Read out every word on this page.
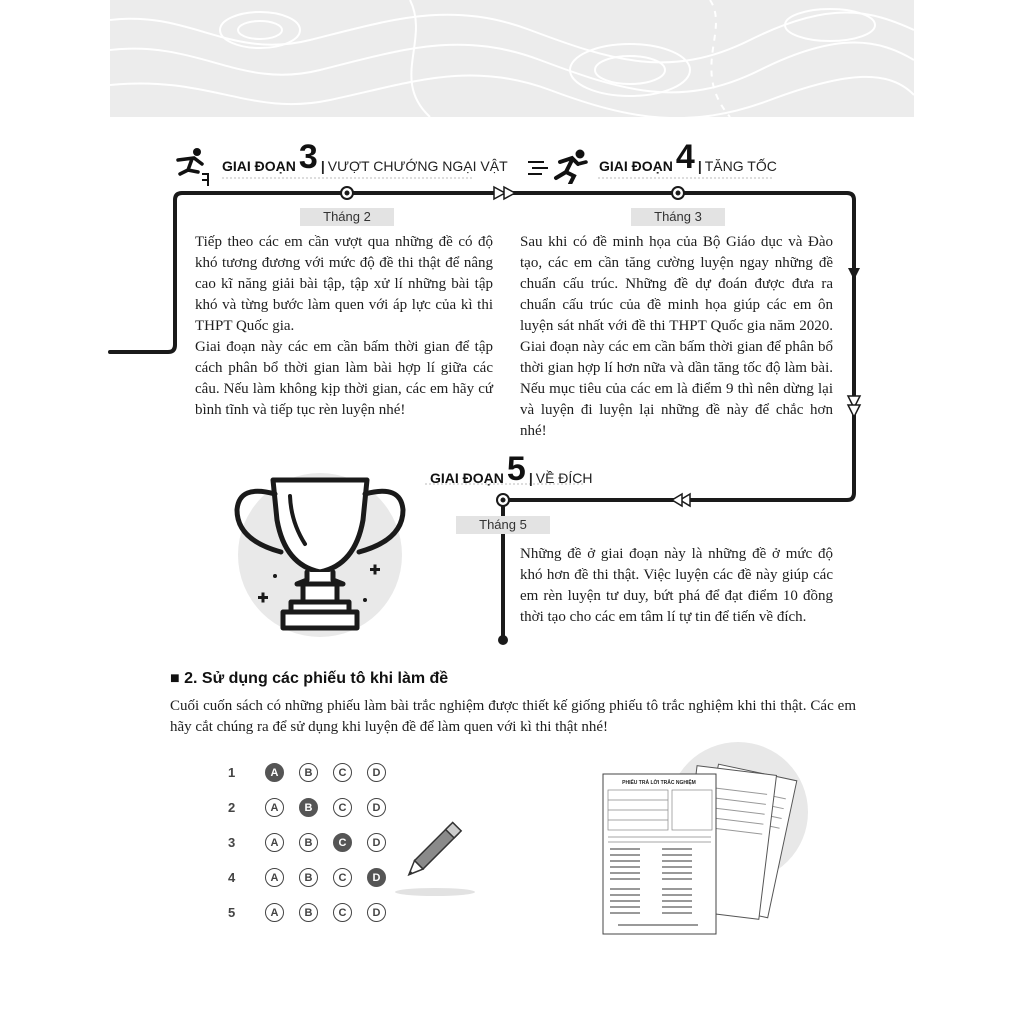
GIAI ĐOẠN 3 | VƯỢT CHƯỚNG NGẠI VẬT
Tháng 2

Tiếp theo các em cần vượt qua những đề có độ khó tương đương với mức độ đề thi thật để nâng cao kĩ năng giải bài tập, tập xử lí những bài tập khó và từng bước làm quen với áp lực của kì thi THPT Quốc gia.

Giai đoạn này các em cần bấm thời gian để tập cách phân bổ thời gian làm bài hợp lí giữa các câu. Nếu làm không kịp thời gian, các em hãy cứ bình tĩnh và tiếp tục rèn luyện nhé!

GIAI ĐOẠN 4 | TĂNG TỐC
Tháng 3

Sau khi có đề minh họa của Bộ Giáo dục và Đào tạo, các em cần tăng cường luyện ngay những đề chuẩn cấu trúc. Những đề dự đoán được đưa ra chuẩn cấu trúc của đề minh họa giúp các em ôn luyện sát nhất với đề thi THPT Quốc gia năm 2020. Giai đoạn này các em cần bấm thời gian để phân bổ thời gian hợp lí hơn nữa và dần tăng tốc độ làm bài. Nếu mục tiêu của các em là điểm 9 thì nên dừng lại và luyện đi luyện lại những đề này để chắc hơn nhé!

GIAI ĐOẠN 5 | VỀ ĐÍCH
Tháng 5

Những đề ở giai đoạn này là những đề ở mức độ khó hơn đề thi thật. Việc luyện các đề này giúp các em rèn luyện tư duy, bứt phá để đạt điểm 10 đồng thời tạo cho các em tâm lí tự tin để tiến về đích.

■ 2. Sử dụng các phiếu tô khi làm đề
Cuối cuốn sách có những phiếu làm bài trắc nghiệm được thiết kế giống phiếu tô trắc nghiệm khi thi thật. Các em hãy cắt chúng ra để sử dụng khi luyện đề để làm quen với kì thi thật nhé!
1	A	B	C	D
2	A	B	C	D
3	A	B	C	D
4	A	B	C	D
5	A	B	C	D
PHIẾU TRẢ LỜI TRẮC NGHIỆM
